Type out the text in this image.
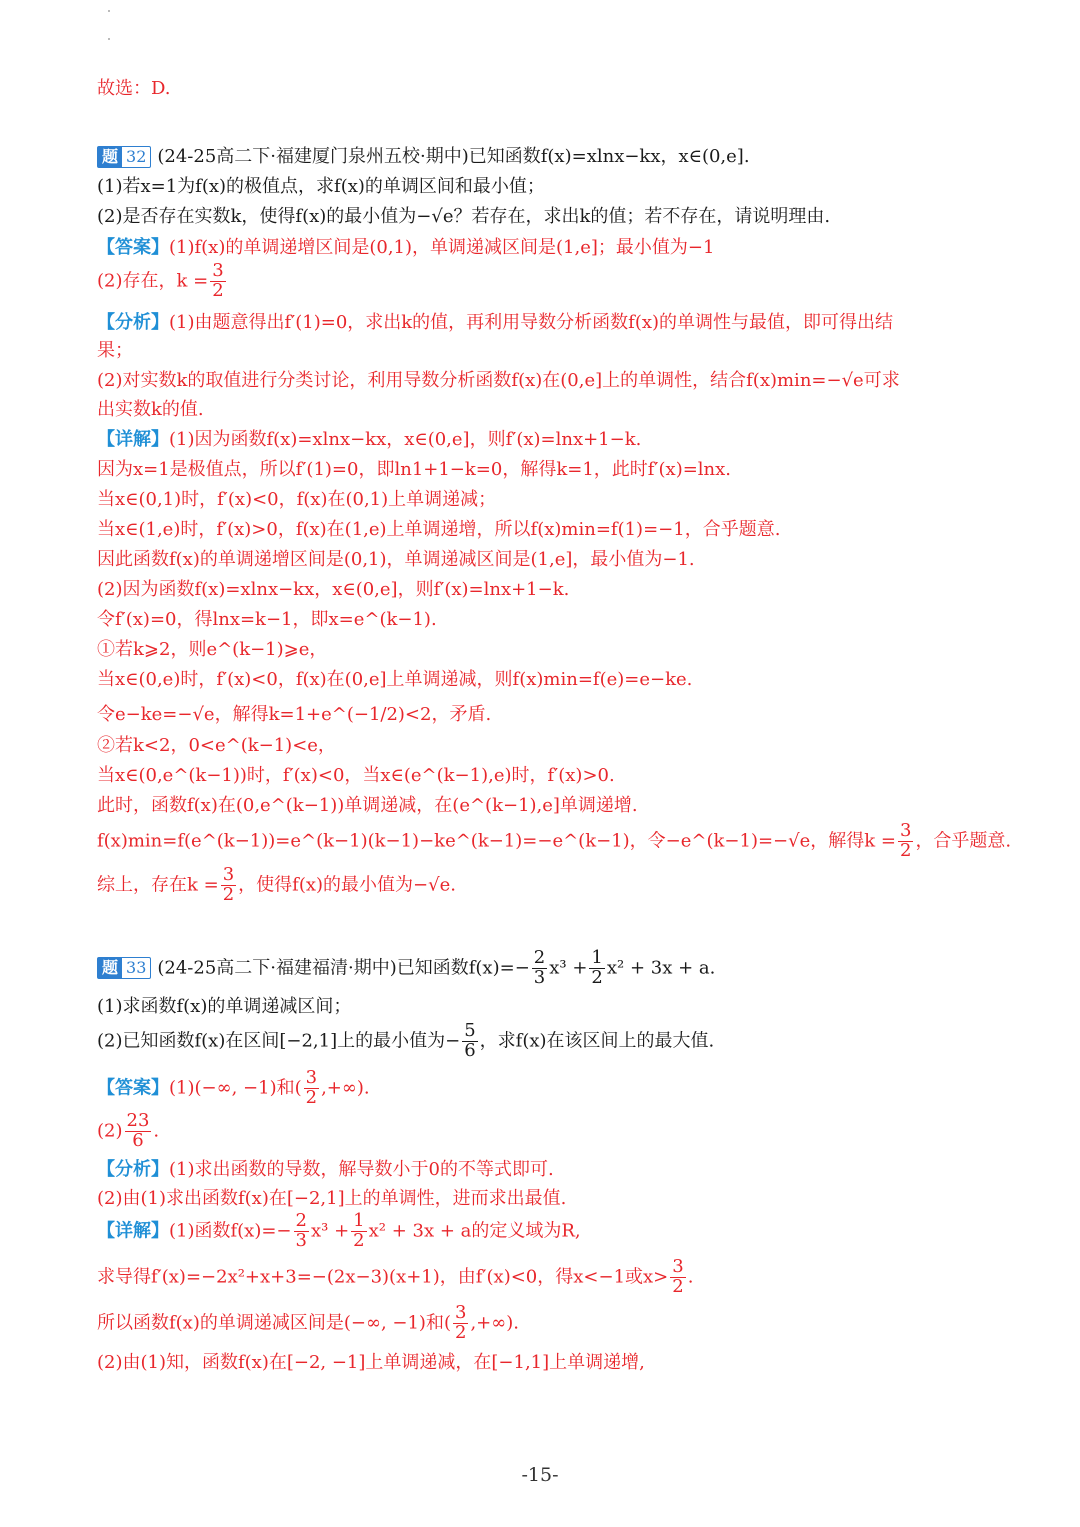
故选：D.
题 32 (24-25高二下·福建厦门泉州五校·期中)已知函数f(x)=xlnx−kx，x∈(0,e].
(1)若x=1为f(x)的极值点，求f(x)的单调区间和最小值；
(2)是否存在实数k，使得f(x)的最小值为−√e？若存在，求出k的值；若不存在，请说明理由.
【答案】(1)f(x)的单调递增区间是(0,1)，单调递减区间是(1,e]；最小值为−1
(2)存在，$k = \frac{3}{2}$
【分析】(1)由题意得出f′(1)=0，求出k的值，再利用导数分析函数f(x)的单调性与最值，即可得出结
果；
(2)对实数k的取值进行分类讨论，利用导数分析函数f(x)在(0,e]上的单调性，结合f(x)min=−√e可求
出实数k的值.
【详解】(1)因为函数f(x)=xlnx−kx，x∈(0,e]，则f′(x)=lnx+1−k.
因为x=1是极值点，所以f′(1)=0，即ln1+1−k=0，解得k=1，此时f′(x)=lnx.
当x∈(0,1)时，f′(x)<0，f(x)在(0,1)上单调递减；
当x∈(1,e)时，f′(x)>0，f(x)在(1,e)上单调递增，所以f(x)min=f(1)=−1，合乎题意.
因此函数f(x)的单调递增区间是(0,1)，单调递减区间是(1,e]，最小值为−1.
(2)因为函数f(x)=xlnx−kx，x∈(0,e]，则f′(x)=lnx+1−k.
令f′(x)=0，得lnx=k−1，即x=e^(k−1).
①若k⩾2，则e^(k−1)⩾e，
当x∈(0,e)时，f′(x)<0，f(x)在(0,e]上单调递减，则f(x)min=f(e)=e−ke.
令e−ke=−√e，解得k=1+e^(−1/2)<2，矛盾.
②若k<2，0<e^(k−1)<e，
当x∈(0,e^(k−1))时，f′(x)<0，当x∈(e^(k−1),e)时，f′(x)>0.
此时，函数f(x)在(0,e^(k−1))单调递减，在(e^(k−1),e]单调递增.
f(x)min=f(e^(k−1))=e^(k−1)(k−1)−ke^(k−1)=−e^(k−1)，令−e^(k−1)=−√e，解得$k = \frac{3}{2}$ ，合乎题意.
综上，存在$k = \frac{3}{2}$ ，使得f(x)的最小值为−√e.
题 33 (24-25高二下·福建福清·期中)已知函数$f(x)=- \frac{2}{3} x^3 + \frac{1}{2} x^2 + 3x + a$.
(1)求函数f(x)的单调递减区间；
(2)已知函数f(x)在区间[−2,1]上的最小值为− $\frac{5}{6}$ ，求f(x)在该区间上的最大值.
【答案】(1)(−∞, −1)和( $\frac{3}{2}$ ,+∞).
$(2) \frac{23}{6}$ .
【分析】(1)求出函数的导数，解导数小于0的不等式即可.
(2)由(1)求出函数f(x)在[−2,1]上的单调性，进而求出最值.
【详解】(1)函数$f(x)=- \frac{2}{3} x^3 + \frac{1}{2} x^2 + 3x + a$的定义域为R,
求导得f′(x)=−2x²+x+3=−(2x−3)(x+1)，由f′(x)<0，得x<−1或$x> \frac{3}{2}$ .
所以函数f(x)的单调递减区间是(−∞, −1)和( $\frac{3}{2}$ ,+∞).
(2)由(1)知，函数f(x)在[−2, −1]上单调递减，在[−1,1]上单调递增,
-15-
